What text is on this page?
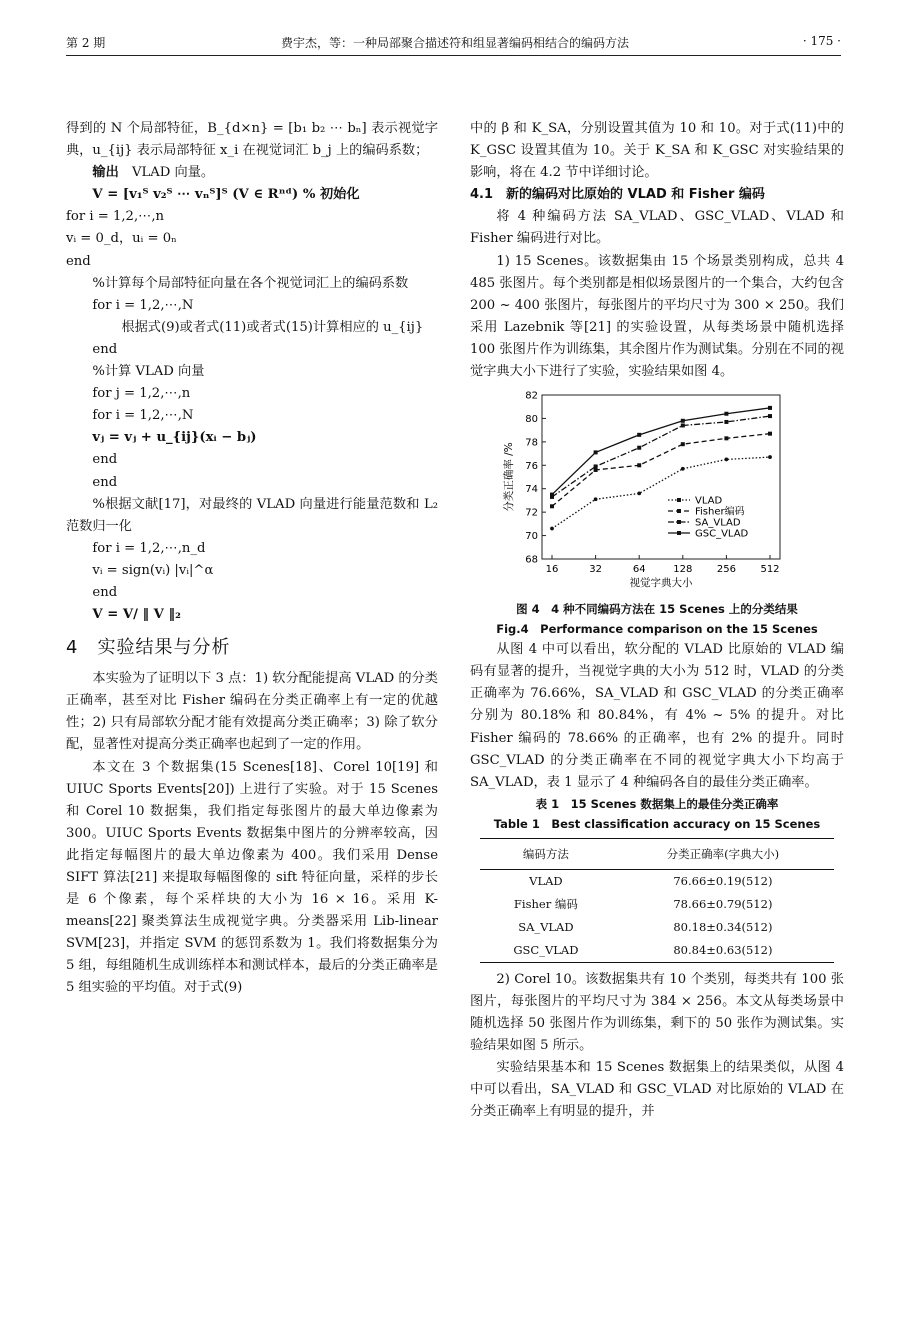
第 2 期	费宇杰，等：一种局部聚合描述符和组显著编码相结合的编码方法	· 175 ·

得到的 N 个局部特征，B_{d×n} = [b₁ b₂ ⋯ bₙ] 表示视觉字典，u_{ij} 表示局部特征 x_i 在视觉词汇 b_j 上的编码系数；

输出　 VLAD 向量。

V = [v₁ᵀ v₂ᵀ ⋯ vₙᵀ]ᵀ (V ∈ Rⁿᵈ) % 初始化

for i = 1,2,⋯,n

vᵢ = 0_d，uᵢ = 0ₙ

end

%计算每个局部特征向量在各个视觉词汇上的编码系数

for i = 1,2,⋯,N

根据式(9)或者式(11)或者式(15)计算相应的 u_{ij}

end

%计算 VLAD 向量

for j = 1,2,⋯,n

for i = 1,2,⋯,N

vⱼ = vⱼ + u_{ij}(xᵢ − bⱼ)

end

end

%根据文献[17]，对最终的 VLAD 向量进行能量范数和 L₂ 范数归一化

for i = 1,2,⋯,n_d

vᵢ = sign(vᵢ) |vᵢ|^α

end

V = V/ ‖ V ‖₂

4　实验结果与分析

本实验为了证明以下 3 点：1) 软分配能提高 VLAD 的分类正确率，甚至对比 Fisher 编码在分类正确率上有一定的优越性；2) 只有局部软分配才能有效提高分类正确率；3) 除了软分配，显著性对提高分类正确率也起到了一定的作用。

本文在 3 个数据集(15 Scenes[18]、Corel 10[19] 和 UIUC Sports Events[20]) 上进行了实验。对于 15 Scenes 和 Corel 10 数据集，我们指定每张图片的最大单边像素为 300。UIUC Sports Events 数据集中图片的分辨率较高，因此指定每幅图片的最大单边像素为 400。我们采用 Dense SIFT 算法[21] 来提取每幅图像的 sift 特征向量，采样的步长是 6 个像素，每个采样块的大小为 16 × 16。采用 K-means[22] 聚类算法生成视觉字典。分类器采用 Lib-linear SVM[23]，并指定 SVM 的惩罚系数为 1。我们将数据集分为 5 组，每组随机生成训练样本和测试样本，最后的分类正确率是 5 组实验的平均值。对于式(9)

中的 β 和 K_SA，分别设置其值为 10 和 10。对于式(11)中的 K_GSC 设置其值为 10。关于 K_SA 和 K_GSC 对实验结果的影响，将在 4.2 节中详细讨论。

4.1　新的编码对比原始的 VLAD 和 Fisher 编码

将 4 种编码方法 SA_VLAD、GSC_VLAD、VLAD 和 Fisher 编码进行对比。

1) 15 Scenes。该数据集由 15 个场景类别构成，总共 4 485 张图片。每个类别都是相似场景图片的一个集合，大约包含 200 ~ 400 张图片，每张图片的平均尺寸为 300 × 250。我们采用 Lazebnik 等[21] 的实验设置，从每类场景中随机选择 100 张图片作为训练集，其余图片作为测试集。分别在不同的视觉字典大小下进行了实验，实验结果如图 4。

68
70
72
74
76
78
80
82
16	32	64	128 256 512
视觉字典大小
分类正确率 /%	VLAD
Fisher编码
SA_VLAD
GSC_VLAD
图 4　4 种不同编码方法在 15 Scenes 上的分类结果
Fig.4　Performance comparison on the 15 Scenes

从图 4 中可以看出，软分配的 VLAD 比原始的 VLAD 编码有显著的提升，当视觉字典的大小为 512 时，VLAD 的分类正确率为 76.66%，SA_VLAD 和 GSC_VLAD 的分类正确率分别为 80.18% 和 80.84%，有 4% ~ 5% 的提升。对比 Fisher 编码的 78.66% 的正确率，也有 2% 的提升。同时 GSC_VLAD 的分类正确率在不同的视觉字典大小下均高于 SA_VLAD，表 1 显示了 4 种编码各自的最佳分类正确率。

表 1　15 Scenes 数据集上的最佳分类正确率
Table 1　Best classification accuracy on 15 Scenes
编码方法	分类正确率(字典大小)
VLAD	76.66±0.19(512)
Fisher 编码	78.66±0.79(512)
SA_VLAD	80.18±0.34(512)
GSC_VLAD	80.84±0.63(512)

2) Corel 10。该数据集共有 10 个类别，每类共有 100 张图片，每张图片的平均尺寸为 384 × 256。本文从每类场景中随机选择 50 张图片作为训练集，剩下的 50 张作为测试集。实验结果如图 5 所示。

实验结果基本和 15 Scenes 数据集上的结果类似，从图 4 中可以看出，SA_VLAD 和 GSC_VLAD 对比原始的 VLAD 在分类正确率上有明显的提升，并
